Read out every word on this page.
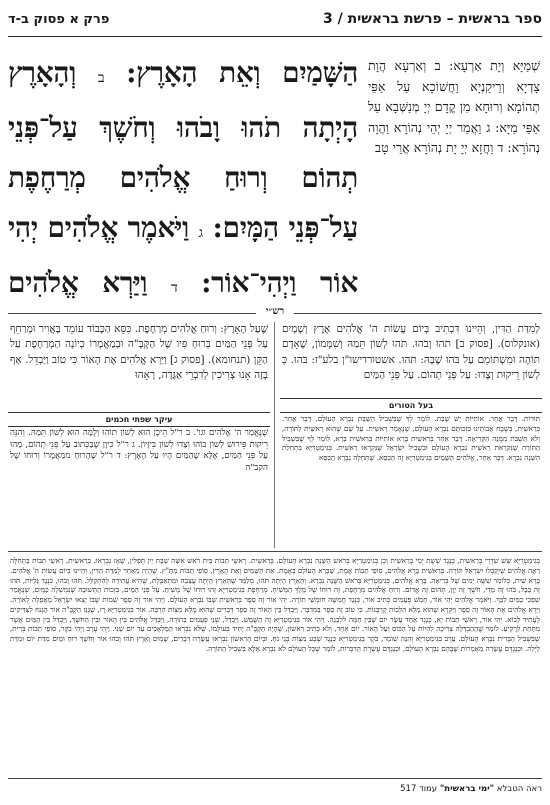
ספר בראשית – פרשת בראשית / 3
פרק א פסוק ב-ד
שְׁמַיָּא וְיָת אַרְעָא: ב וְאַרְעָא הֲוָת צָדְיָא וְרֵיקַנְיָא וַחֲשׁוֹכָא עַל אַפֵּי תְהוֹמָא וְרוּחָא מִן קֳדָם יְיָ מְנַשְּׁבָא עַל אַפֵּי מַיָּא: ג וַאֲמַר יְיָ יְהֵי נְהוֹרָא וַהֲוָה נְהוֹרָא: ד וַחֲזָא יְיָ יָת נְהוֹרָא אֲרֵי טָב
הַשָּׁמַיִם וְאֵת הָאָרֶץ: ב וְהָאָרֶץ הָיְתָה תֹהוּ וָבֹהוּ וְחֹשֶׁךְ עַל־פְּנֵי תְהוֹם וְרוּחַ אֱלֹהִים מְרַחֶפֶת עַל־פְּנֵי הַמָּיִם: ג וַיֹּאמֶר אֱלֹהִים יְהִי אוֹר וַיְהִי־אוֹר: ד וַיַּרְא אֱלֹהִים
רש״י
לְמִדַּת הַדִּין, וְהֵיינוּ דִּכְתִיב בְּיוֹם עֲשׂוֹת ה' אֱלֹהִים אֶרֶץ וְשָׁמָיִם (אונקלוס). [פסוק ב] תֹהוּ וָבֹהוּ. תֹּהוּ לְשׁוֹן תֵּמַהּ וְשִׁמָּמוֹן, שֶׁאָדָם תּוֹהֶה וּמִשְׁתּוֹמֵם עַל בֹּהוּ שֶׁבָּהּ: תֹּהוּ. אשטורדישו"ן בלע"ז: בֹּהוּ. כְּ לְשׁוֹן רֵיקוּת וְצָדוּ: עַל פְּנֵי תְהוֹם. עַל פְּנֵי הַמַּיִם
שֶׁעַל הָאָרֶץ: וְרוּחַ אֱלֹהִים מְרַחֶפֶת. כִּסֵּא הַכָּבוֹד עוֹמֵד בָּאֲוִיר וּמְרַחֵף עַל פְּנֵי הַמַּיִם בְּרוּחַ פִּיו שֶׁל הַקָּבָּ"ה וּבְמַאֲמָרוֹ כְּיוֹנָה הַמְרַחֶפֶת עַל הַקֵּן (תנחומא). [פסוק ג] וַיַּרְא אֱלֹהִים אֶת הָאוֹר כִּי טוֹב וַיַּבְדֵּל. אַף בָּזֶה אָנוּ צְרִיכִין לְדִבְרֵי אַגָּדָה, רָאָהוּ
עיקר שפתי חכמים
שֶׁנֶּאֱמַר ה' אֱלֹהִים וגו'. ב ר"ל הֵיכָן הוּא לְשׁוֹן תוֹהוּ וְלָמָּה הוּא לְשׁוֹן תֵּמַהּ. וְהִנֵּה רֵיקוּת פֵּירוּשׁ לְשׁוֹן בּוֹהוּ וְצָדוּ לְשׁוֹן בִּיזָּיוֹן. ג ר"ל כִּיוָן שֶׁבַּכְּתוּב עַל פְּנֵי תְהוֹם, מַהוּ עַל פְּנֵי הַמַּיִם, אֶלָּא שֶׁהַמַּיִם הָיוּ עַל הָאָרֶץ: ד ר"ל שֶׁהָרוּחַ מִמַּאֲמָרוֹ וְרוּחוֹ שֶׁל הקב"ה
בעל הטורים
תוּרוֹת. דָּבָר אַחֵר. אוֹתִיּוֹת יֵשׁ שָׁבַת. לוֹמַר לְךָ שֶׁבִּשְׁבִיל הַשַּׁבָּת נִבְרָא הָעוֹלָם. דָּבָר אַחֵר. בְּרֵאשִׁית, בְּשֶׁבַח אֲבוֹתֵינוּ בִּזְכוּתָם נִבְרָא הָעוֹלָם, שֶׁנֶּאֱמַר רֵאשִׁית. עַל שֵׁם שֶׁהוּא רֵאשִׁית לַתּוֹרָה, וְלֹא תִּשְׁבֹּת מִמֶּנָּה הַקְּרִיאָה. דָּבָר אַחֵר בְּרֵאשִׁית בָּרָא אוֹתִיּוֹת בְּרֵאשִׁית בָּרָא, לוֹמַר לְךָ שֶׁבִּשְׁבִיל הַתּוֹרָה שֶׁנִּקְרֵאת רֵאשִׁית נִבְרָא הָעוֹלָם וּבִשְׁבִיל יִשְׂרָאֵל שֶׁנִּקְרְאוּ רֵאשִׁית. בְּגִימַטְרִיָּא בִּתְחִלַּת הַשָּׁנָה נִבְרָא. דָּבָר אַחֵר, אֱלֹהִים הַשָּׁמַיִם בְּגִימַטְרִיָּא זֶה הַכִּסֵּא. שֶׁתְּחִלָּה נִבְרָא הַכִּסֵּא
בְּגִימַטְרִיָּא שֵׁשׁ שִׁדְרֵי בְּרֵאשִׁית, כְּנֶגֶד שֵׁשֶׁת יְמֵי בְּרֵאשִׁית וְכֵן בְּגִימַטְרִיָּא בְּרֹאשׁ הַשָּׁנָה נִבְרָא הָעוֹלָם. בְּרֵאשִׁית. רָאשֵׁי תֵבוֹת בַּיִת רֹאשׁ אִשָּׁה שַׁבָּת יַיִן תְּפִלִּין, שֶׁאָז נִבְרְאוּ. בְּרֵאשִׁית, רְאשֵׁי תֵבוֹת בַּתְּחִלָּה רָאָה אֱלֹהִים שֶׁיְּקַבְּלוּ יִשְׂרָאֵל תּוֹרָה. בְּרֵאשִׁית בָּרָא אֱלֹהִים, סוֹפֵי תֵבוֹת אֱמֶת, שֶׁבָּרָא הָעוֹלָם בֶּאֱמֶת. אֵת הַשָּׁמַיִם וְאֵת הָאָרֶץ, סוֹפֵי תֵבוֹת מַתָּ"ץ. שֶׁהָיָה מֵאַחֵר לְמִדַּת הַדִּין, וְהֵיינוּ בְּיוֹם עֲשׂוֹת ה' אֱלֹהִים. בָּרָא שִׁית, כְּלוֹמַר שִׁשָּׁה יָמִים שֶׁל בְּרִיאָה. בָּרָא אֱלֹהִים, בְּגִימַטְרִיָּא בְּרֹאשׁ הַשָּׁנָה נִבְרָא. וְהָאָרֶץ הָיְתָה תֹהוּ, מְלַמֵּד שֶׁהָאָרֶץ הָיְתָה עֲצֵבָה וּמִתְאַבֶּלֶת, שֶׁהִיא עֲתִידָה לְהִתְקַלֵּל. תֹּהוּ וָבֹהוּ, כְּנֶגֶד גָּלֻיּוֹת, תֹּהוּ זֶה בָּבֶל, בֹּהוּ זֶה מָדַי, חֹשֶׁךְ זֶה יָוָן, תְּהוֹם זֶה אֱדוֹם. וְרוּחַ אֱלֹהִים מְרַחֶפֶת, זֶה רוּחוֹ שֶׁל מֶלֶךְ הַמָּשִׁיחַ. מְרַחֶפֶת בְּגִימַטְרִיָּא זֶהוּ רוּחוֹ שֶׁל מָשִׁיחַ. עַל פְּנֵי הַמָּיִם, בִּזְכוּת הַתְּשׁוּבָה שֶׁנִּמְשְׁלָה כַּמַּיִם, שֶׁנֶּאֱמַר שִׁפְכִי כַמַּיִם לִבֵּךְ. וַיֹּאמֶר אֱלֹהִים יְהִי אוֹר, חָמֵשׁ פְּעָמִים כְּתִיב אוֹר, כְּנֶגֶד חֲמִשָּׁה חוּמְשֵׁי תוֹרָה. יְהִי אוֹר זֶה סֵפֶר בְּרֵאשִׁית שֶׁבּוֹ נִבְרָא הָעוֹלָם. וַיְהִי אוֹר זֶה סֵפֶר שְׁמוֹת שֶׁבּוֹ יָצְאוּ יִשְׂרָאֵל מֵאֲפֵלָה לְאוֹרָה. וַיַּרְא אֱלֹהִים אֶת הָאוֹר זֶה סֵפֶר וַיִּקְרָא שֶׁהוּא מָלֵא הִלְכוֹת קָרְבָּנוֹת. כִּי טוֹב זֶה סֵפֶר בַּמִּדְבָּר. וַיַּבְדֵּל בֵּין הָאוֹר זֶה סֵפֶר דְּבָרִים שֶׁהוּא מָלֵא מִצְוֹת הַרְבֵּה. אוֹר בְּגִימַטְרִיָּא רָז, שֶׁגָּנַז הַקָּבָּ"ה אוֹר הַגָּנוּז לַצַּדִּיקִים לֶעָתִיד לָבוֹא. יְהִי אוֹר, רָאשֵׁי תֵבוֹת יָא, כְּנֶגֶד אַחַד עָשָׂר יוֹם שֶׁבֵּין חַמָּה לִלְבָנָה. וַיְהִי אוֹר בְּגִימַטְרִיָּא זֶה הַשֶּׁמֶשׁ. וַיַּבְדֵּל, שְׁנֵי פְעָמִים בַּתּוֹרָה, וַיַּבְדֵּל אֱלֹהִים בֵּין הָאוֹר וּבֵין הַחֹשֶׁךְ, וַיַּבְדֵּל בֵּין הַמַּיִם אֲשֶׁר מִתַּחַת לָרָקִיעַ. לוֹמַר שֶׁהַהַבְדָּלָה צְרִיכָה לִהְיוֹת עַל הַכּוֹס וְעַל הָאוֹר. יוֹם אֶחָד, וְלֹא כְּתִיב רִאשׁוֹן, שֶׁהָיָה הַקָּבָּ"ה יָחִיד בְּעוֹלָמוֹ, שֶׁלֹּא נִבְרְאוּ הַמַּלְאָכִים עַד יוֹם שֵׁנִי. וַיְהִי עֶרֶב וַיְהִי בֹקֶר, סוֹפֵי תֵבוֹת בְּרִית, שֶׁבִּשְׁבִיל הַבְּרִית נִבְרָא הָעוֹלָם. עֶרֶב בְּגִימַטְרִיָּא וְהִנֵּה שׁוֹמֵר, בֹּקֶר בְּגִימַטְרִיָּא כְּנֶגֶד שֶׁבַע מִצְוֹת בְּנֵי נֹחַ. וּבְיוֹם הָרִאשׁוֹן נִבְרְאוּ עֲשָׂרָה דְבָרִים, שָׁמַיִם וָאָרֶץ תֹּהוּ וָבֹהוּ אוֹר וָחֹשֶׁךְ רוּחַ וּמַיִם מִדַּת יוֹם וּמִדַּת לַיְלָה. וּכְנֶגְדָּם עֲשָׂרָה מַאֲמָרוֹת שֶׁבָּהֶם נִבְרָא הָעוֹלָם, וּכְנֶגְדָּם עֲשֶׂרֶת הַדִּבְּרוֹת, לוֹמַר שֶׁכָּל הָעוֹלָם לֹא נִבְרָא אֶלָּא בִּשְׁבִיל הַתּוֹרָה.
ראה הטבלא

"ימי בראשית"

עמוד 517
